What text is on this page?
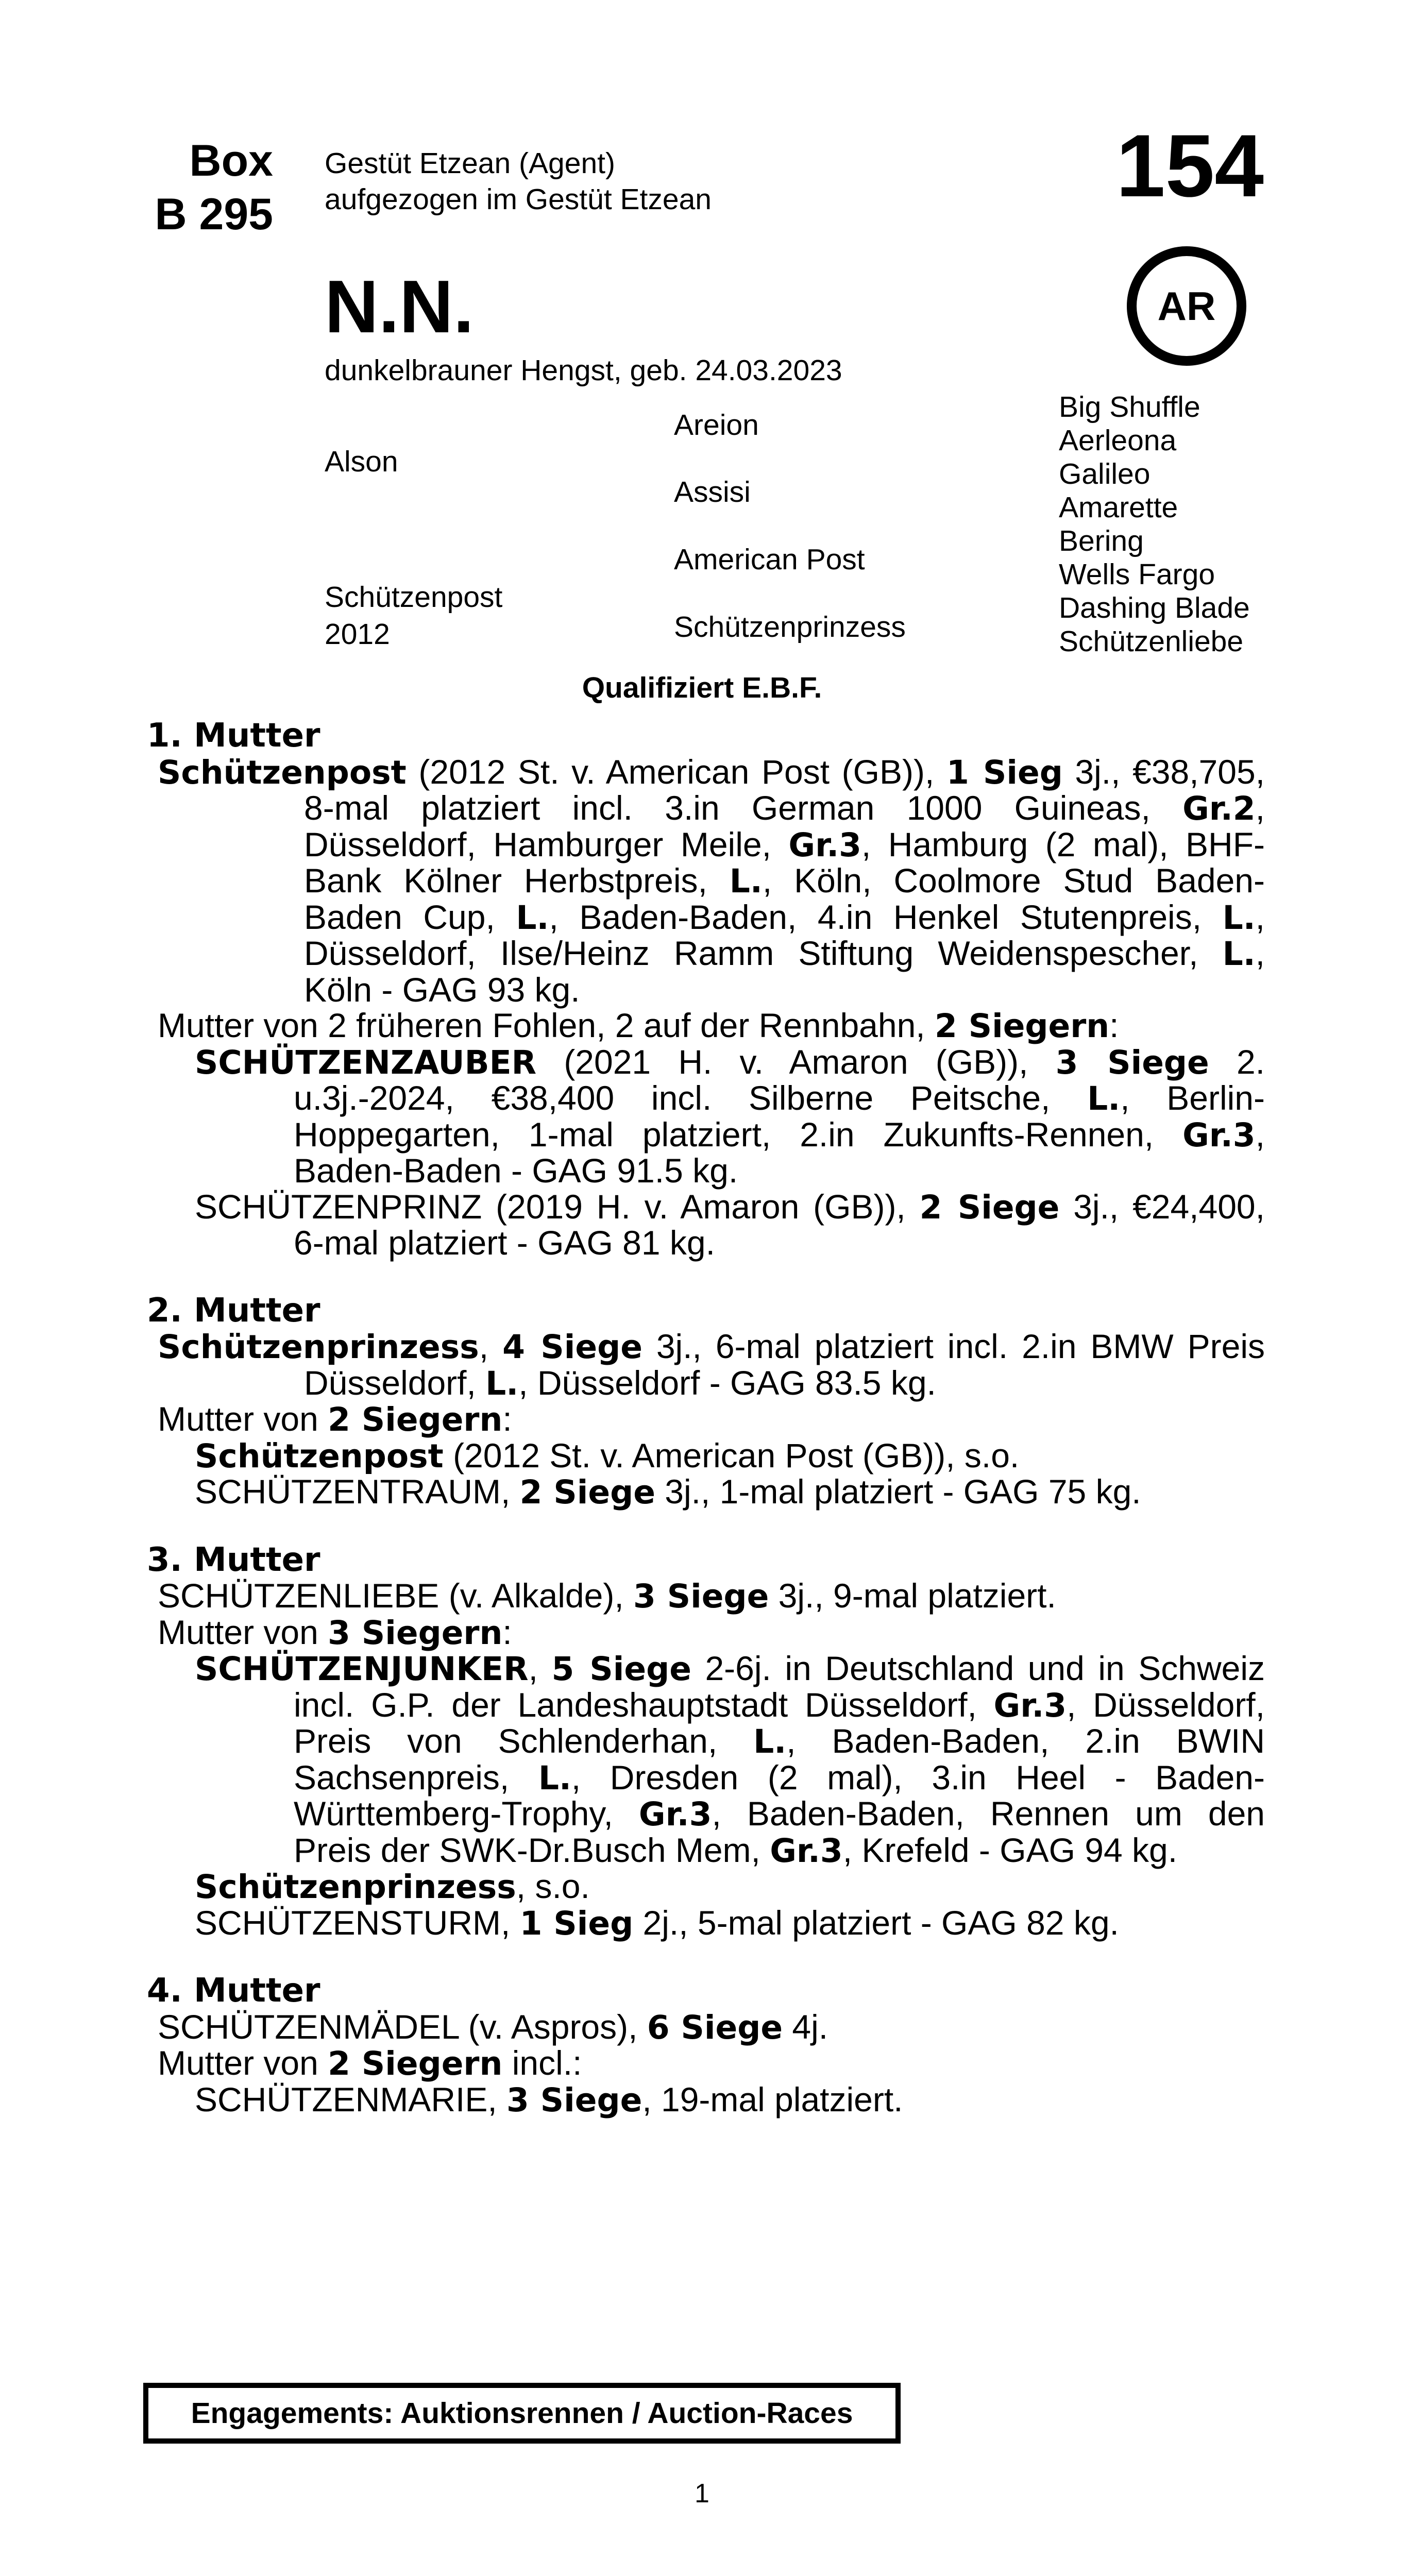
Box
B 295
Gestüt Etzean (Agent)
aufgezogen im Gestüt Etzean	154
AR
N.N.
dunkelbrauner Hengst, geb. 24.03.2023
Alson
Schützenpost
2012
Areion
Assisi
American Post
Schützenprinzess
Big Shuffle
Aerleona
Galileo
Amarette
Bering
Wells Fargo
Dashing Blade
Schützenliebe
Qualifiziert E.B.F.

1. Mutter

Schützenpost (2012 St. v. American Post (GB)), 1 Sieg 3j., €38,705, 8-mal platziert incl. 3.in German 1000 Guineas, Gr.2, Düsseldorf, Hamburger Meile, Gr.3, Hamburg (2 mal), BHF-Bank Kölner Herbstpreis, L., Köln, Coolmore Stud Baden-Baden Cup, L., Baden-Baden, 4.in Henkel Stutenpreis, L., Düsseldorf, Ilse/Heinz Ramm Stiftung Weidenspescher, L., Köln - GAG 93 kg.

Mutter von 2 früheren Fohlen, 2 auf der Rennbahn, 2 Siegern:

SCHÜTZENZAUBER (2021 H. v. Amaron (GB)), 3 Siege 2. u.3j.-2024, €38,400 incl. Silberne Peitsche, L., Berlin-Hoppegarten, 1-mal platziert, 2.in Zukunfts-Rennen, Gr.3, Baden-Baden - GAG 91.5 kg.

SCHÜTZENPRINZ (2019 H. v. Amaron (GB)), 2 Siege 3j., €24,400, 6-mal platziert - GAG 81 kg.

2. Mutter

Schützenprinzess, 4 Siege 3j., 6-mal platziert incl. 2.in BMW Preis Düsseldorf, L., Düsseldorf - GAG 83.5 kg.

Mutter von 2 Siegern:

Schützenpost (2012 St. v. American Post (GB)), s.o.

SCHÜTZENTRAUM, 2 Siege 3j., 1-mal platziert - GAG 75 kg.

3. Mutter

SCHÜTZENLIEBE (v. Alkalde), 3 Siege 3j., 9-mal platziert.

Mutter von 3 Siegern:

SCHÜTZENJUNKER, 5 Siege 2-6j. in Deutschland und in Schweiz incl. G.P. der Landeshauptstadt Düsseldorf, Gr.3, Düsseldorf, Preis von Schlenderhan, L., Baden-Baden, 2.in BWIN Sachsenpreis, L., Dresden (2 mal), 3.in Heel - Baden-Württemberg-Trophy, Gr.3, Baden-Baden, Rennen um den Preis der SWK-Dr.Busch Mem, Gr.3, Krefeld - GAG 94 kg.

Schützenprinzess, s.o.

SCHÜTZENSTURM, 1 Sieg 2j., 5-mal platziert - GAG 82 kg.

4. Mutter

SCHÜTZENMÄDEL (v. Aspros), 6 Siege 4j.

Mutter von 2 Siegern incl.:

SCHÜTZENMARIE, 3 Siege, 19-mal platziert.

Engagements: Auktionsrennen / Auction-Races
1
